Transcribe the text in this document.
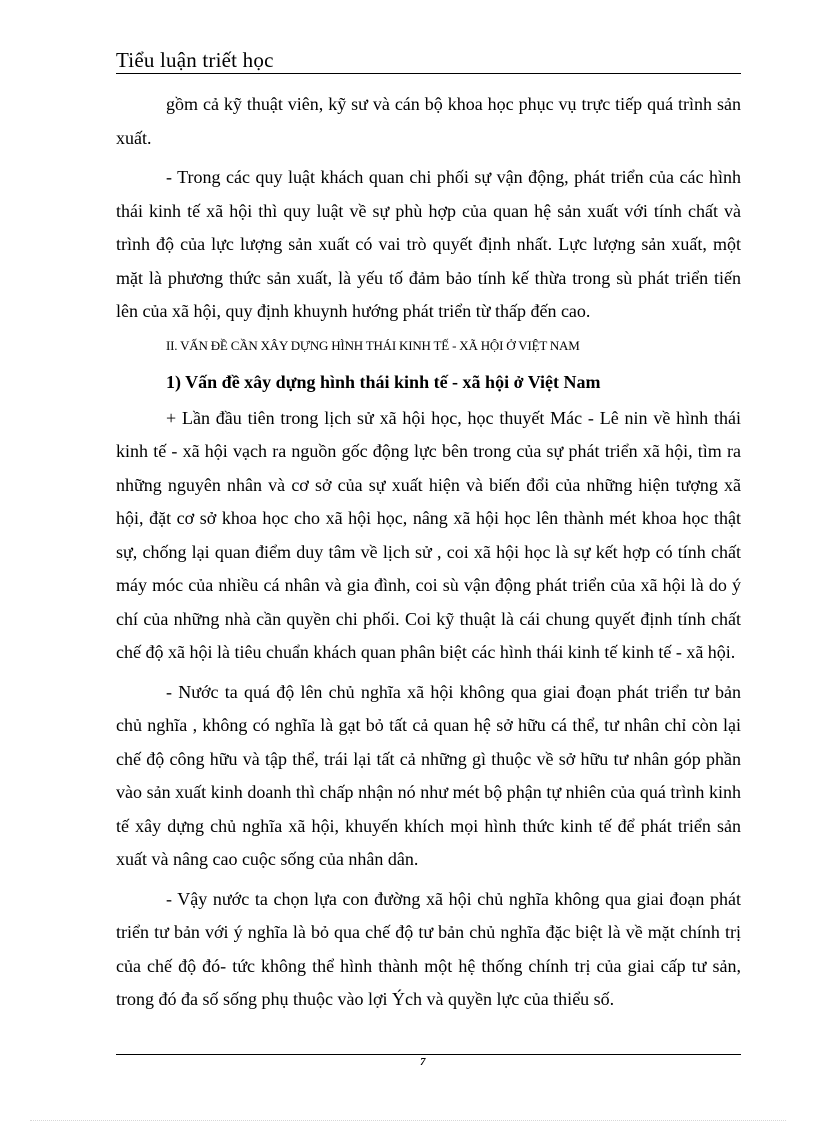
Tiểu luận triết học

gồm cả kỹ thuật viên, kỹ sư và cán bộ khoa học phục vụ trực tiếp quá trình sản xuất.

- Trong các quy luật khách quan chi phối sự vận động, phát triển của các hình thái kinh tế xã hội thì quy luật về sự phù hợp của quan hệ sản xuất với tính chất và trình độ của lực lượng sản xuất có vai trò quyết định nhất. Lực lượng sản xuất, một mặt là phương thức sản xuất, là yếu tố đảm bảo tính kế thừa trong sù phát triển tiến lên của xã hội, quy định khuynh hướng phát triển từ thấp đến cao.

II. VẤN ĐỀ CẦN XÂY DỰNG HÌNH THÁI KINH TẾ - XÃ HỘI Ở VIỆT NAM

1) Vấn đề xây dựng hình thái kinh tế - xã hội ở Việt Nam

+ Lần đầu tiên trong lịch sử xã hội học, học thuyết Mác - Lê nin về hình thái kinh tế - xã hội vạch ra nguồn gốc động lực bên trong của sự phát triển xã hội, tìm ra những nguyên nhân và cơ sở của sự xuất hiện và biến đổi của những hiện tượng xã hội, đặt cơ sở khoa học cho xã hội học, nâng xã hội học lên thành mét khoa học thật sự, chống lại quan điểm duy tâm về lịch sử , coi xã hội học là sự kết hợp có tính chất máy móc của nhiều cá nhân và gia đình, coi sù vận động phát triển của xã hội là do ý chí của những nhà cần quyền chi phối. Coi kỹ thuật là cái chung quyết định tính chất chế độ xã hội là tiêu chuẩn khách quan phân biệt các hình thái kinh tế kinh tế - xã hội.

- Nước ta quá độ lên chủ nghĩa xã hội không qua giai đoạn phát triển tư bản chủ nghĩa , không có nghĩa là gạt bỏ tất cả quan hệ sở hữu cá thể, tư nhân chỉ còn lại chế độ công hữu và tập thể, trái lại tất cả những gì thuộc về sở hữu tư nhân góp phần vào sản xuất kinh doanh thì chấp nhận nó như mét bộ phận tự nhiên của quá trình kinh tế xây dựng chủ nghĩa xã hội, khuyến khích mọi hình thức kinh tế để phát triển sản xuất và nâng cao cuộc sống của nhân dân.

- Vậy nước ta chọn lựa con đường xã hội chủ nghĩa không qua giai đoạn phát triển tư bản với ý nghĩa là bỏ qua chế độ tư bản chủ nghĩa đặc biệt là về mặt chính trị của chế độ đó- tức không thể hình thành một hệ thống chính trị của giai cấp tư sản, trong đó đa số sống phụ thuộc vào lợi Ých và quyền lực của thiểu số.

7
